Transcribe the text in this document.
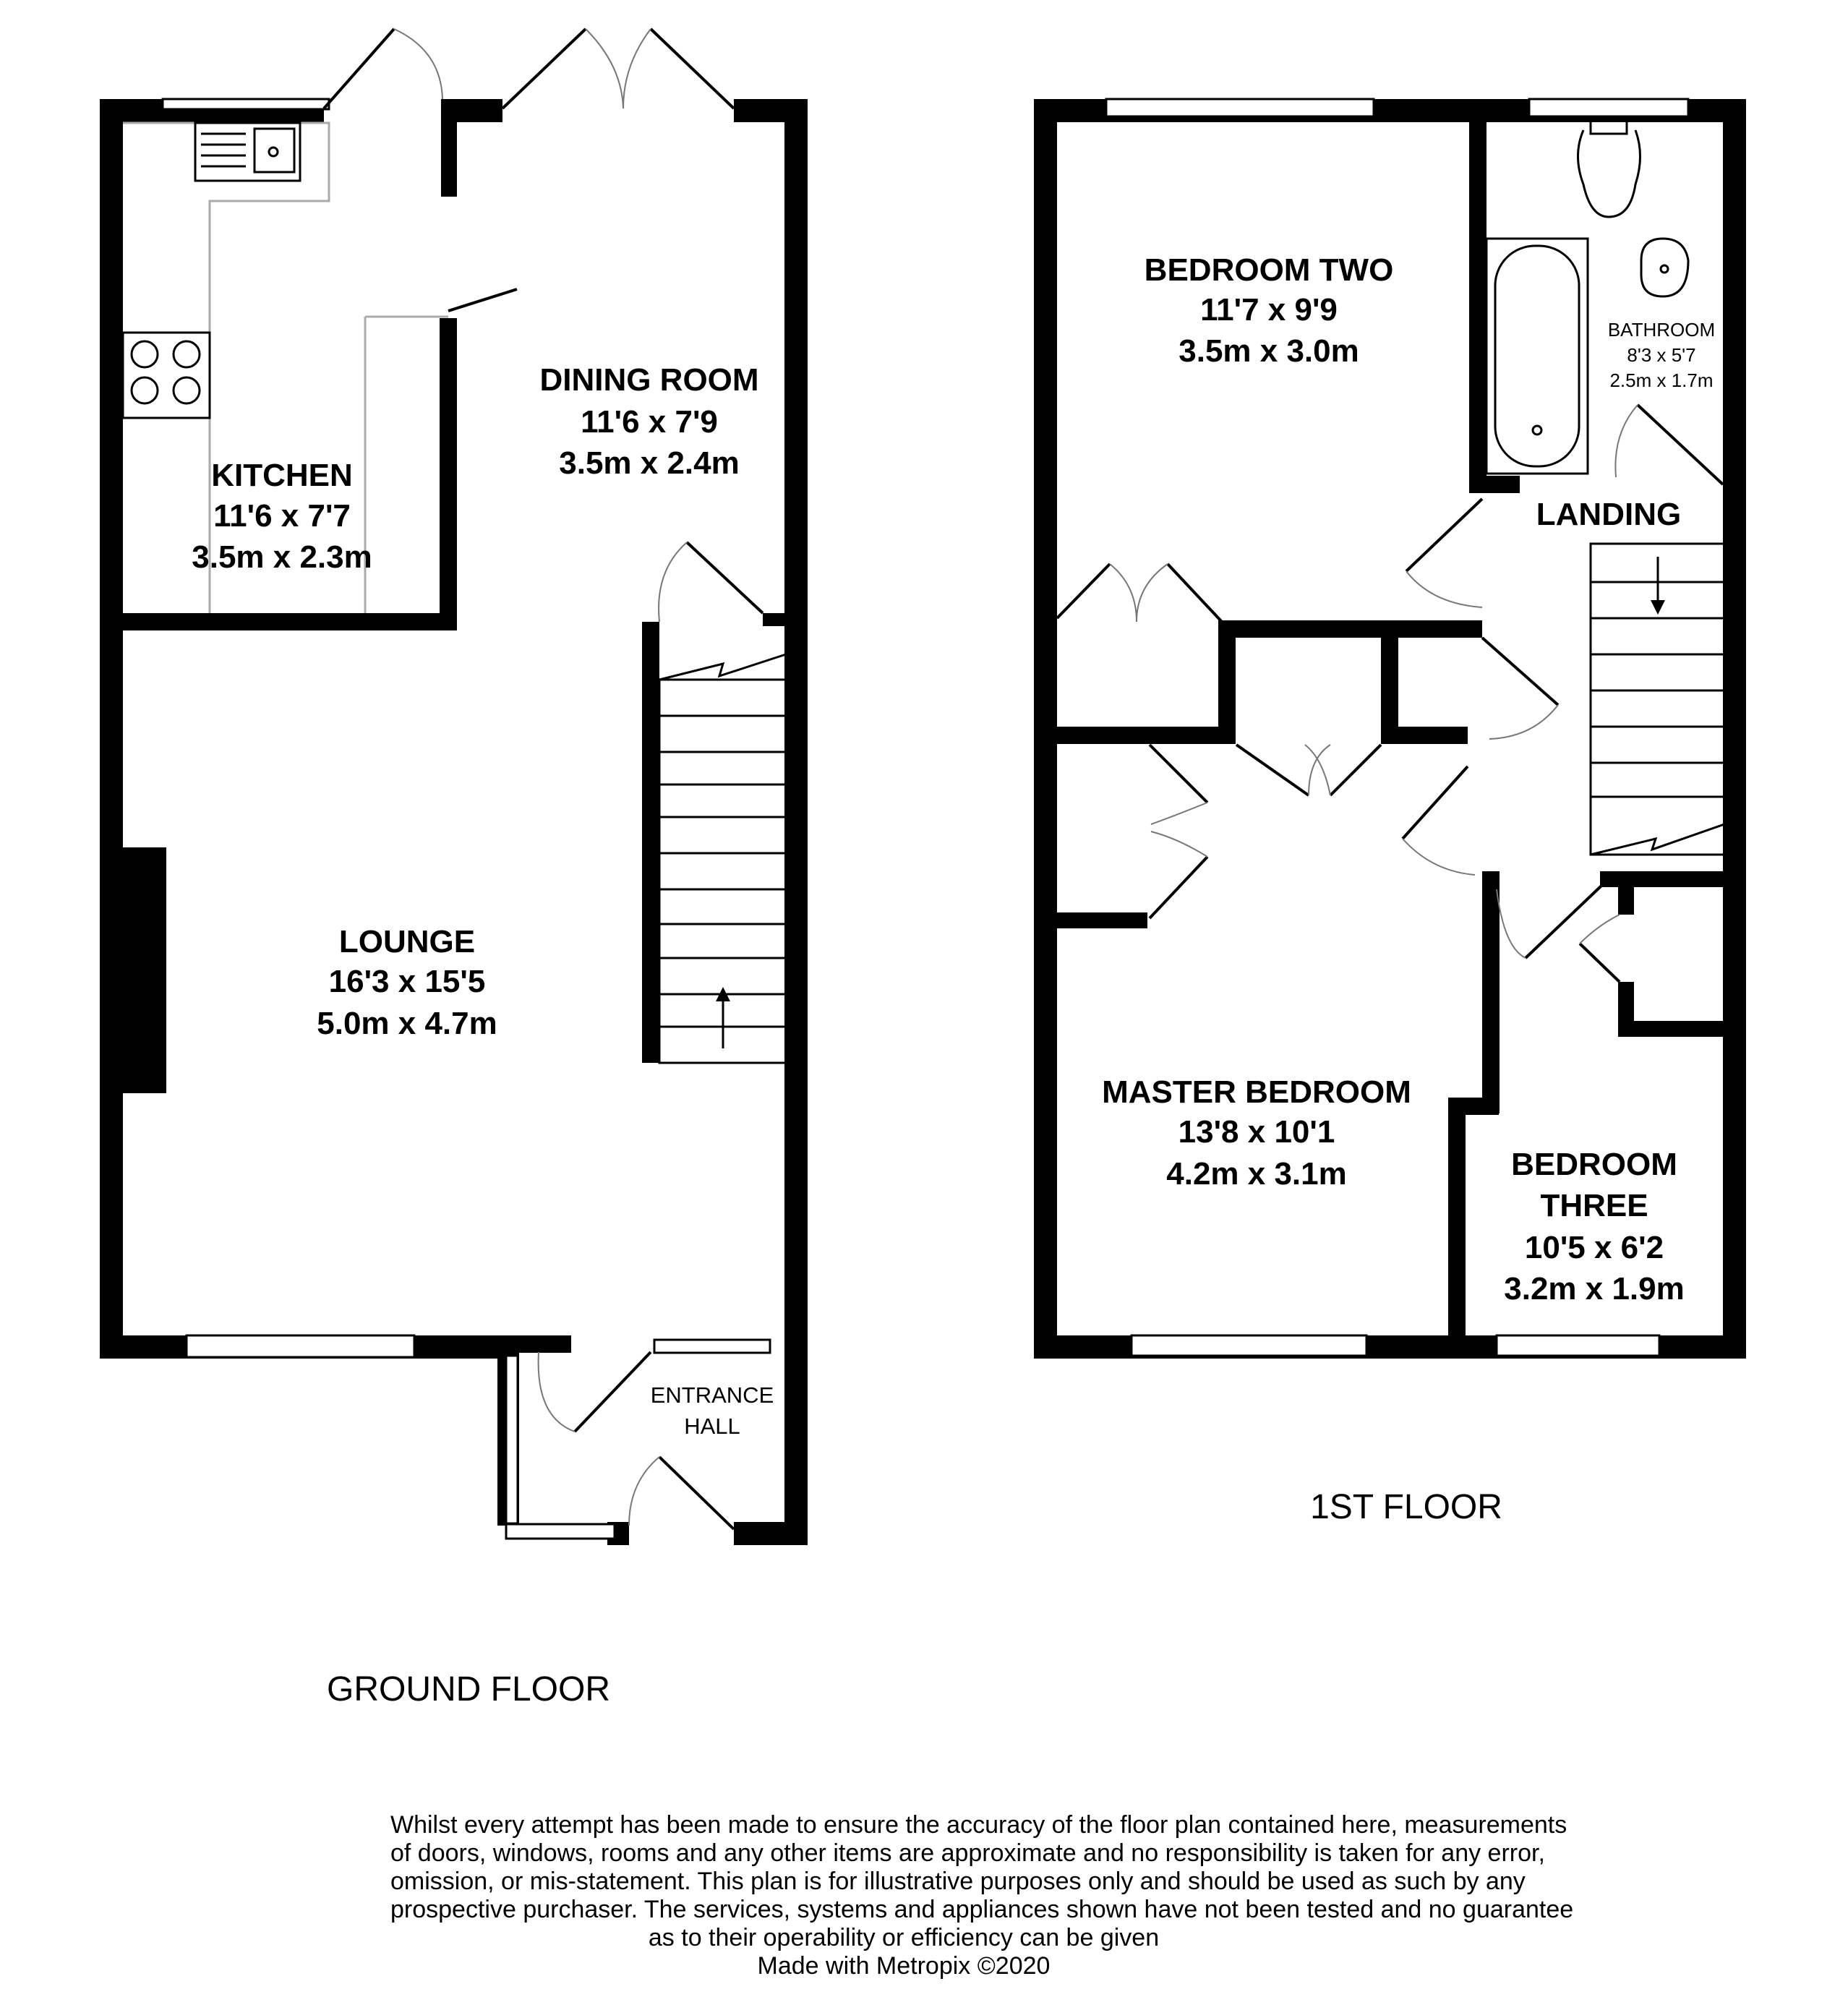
KITCHEN
11'6 x 7'7
3.5m x 2.3m
DINING ROOM
11'6 x 7'9
3.5m x 2.4m
LOUNGE
16'3 x 15'5
5.0m x 4.7m
ENTRANCE
HALL
GROUND FLOOR
BEDROOM TWO
11'7 x 9'9
3.5m x 3.0m
BATHROOM
8'3 x 5'7
2.5m x 1.7m
LANDING
MASTER BEDROOM
13'8 x 10'1
4.2m x 3.1m	BEDROOM
THREE
10'5 x 6'2
3.2m x 1.9m
1ST FLOOR
Whilst every attempt has been made to ensure the accuracy of the floor plan contained here, measurements
of doors, windows, rooms and any other items are approximate and no responsibility is taken for any error,
omission, or mis-statement. This plan is for illustrative purposes only and should be used as such by any
prospective purchaser. The services, systems and appliances shown have not been tested and no guarantee
as to their operability or efficiency can be given
Made with Metropix ©2020
